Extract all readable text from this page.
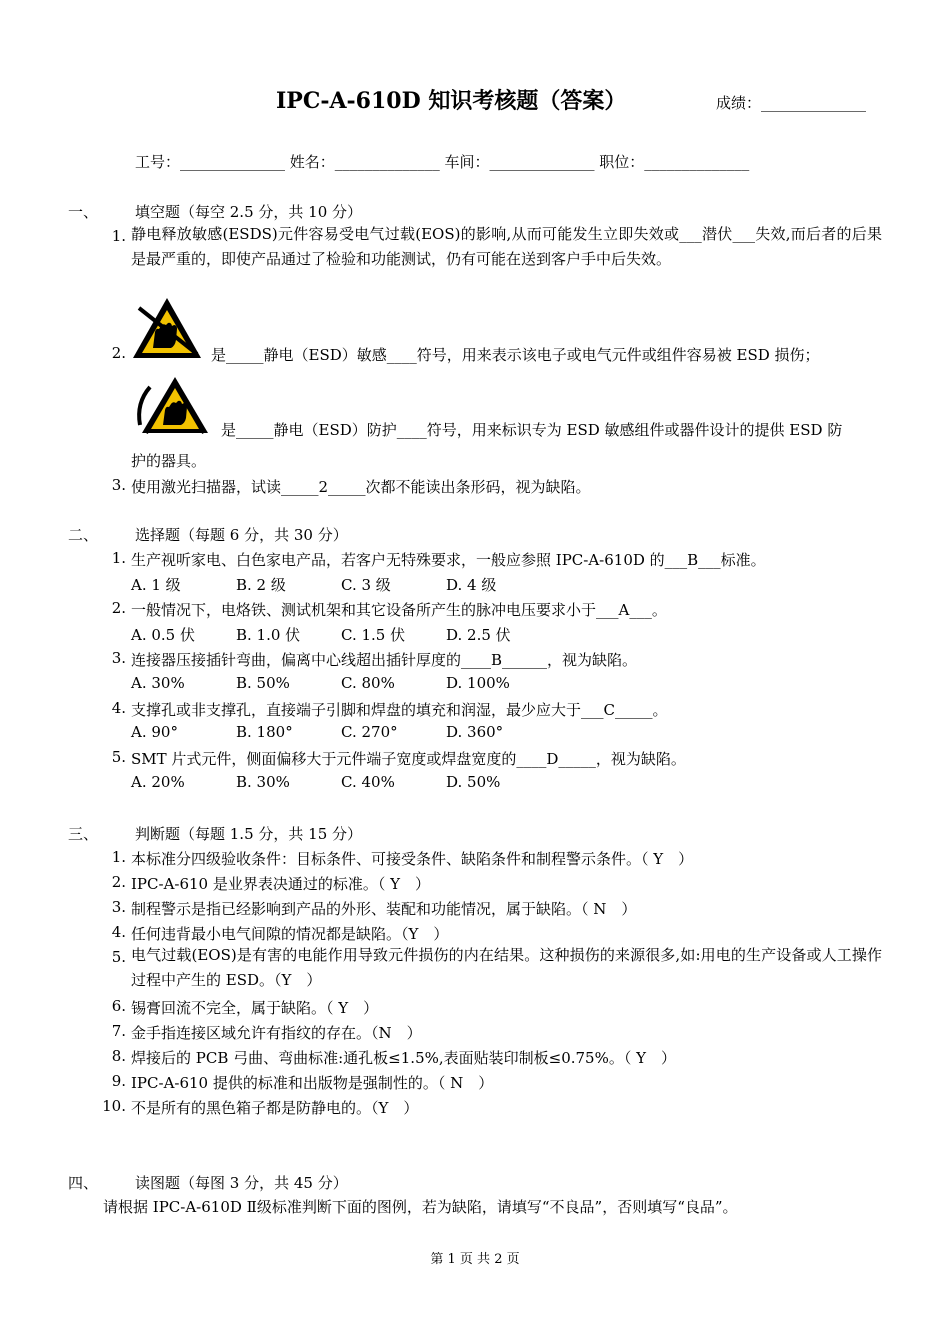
IPC-A-610D 知识考核题（答案）	成绩：______________
工号：______________ 姓名：______________ 车间：______________ 职位：______________
一、 填空题（每空 2.5 分，共 10 分）
1. 静电释放敏感(ESDS)元件容易受电气过载(EOS)的影响,从而可能发生立即失效或___潜伏___失效,而后者的后果是最严重的，即使产品通过了检验和功能测试，仍有可能在送到客户手中后失效。
2.	是_____静电（ESD）敏感____符号，用来表示该电子或电气元件或组件容易被 ESD 损伤；
是_____静电（ESD）防护____符号，用来标识专为 ESD 敏感组件或器件设计的提供 ESD 防
护的器具。
3. 使用激光扫描器，试读_____2_____次都不能读出条形码，视为缺陷。
二、 选择题（每题 6 分，共 30 分）
1. 生产视听家电、白色家电产品，若客户无特殊要求，一般应参照 IPC-A-610D 的___B___标准。
A. 1 级	B. 2 级	C. 3 级	D. 4 级
2. 一般情况下，电烙铁、测试机架和其它设备所产生的脉冲电压要求小于___A___。
A. 0.5 伏	B. 1.0 伏	C. 1.5 伏	D. 2.5 伏
3. 连接器压接插针弯曲，偏离中心线超出插针厚度的____B______，视为缺陷。
A. 30%	B. 50%	C. 80%	D. 100%
4. 支撑孔或非支撑孔，直接端子引脚和焊盘的填充和润湿，最少应大于___C_____。
A. 90°	B. 180°	C. 270°	D. 360°
5. SMT 片式元件，侧面偏移大于元件端子宽度或焊盘宽度的____D_____，视为缺陷。
A. 20%	B. 30%	C. 40%	D. 50%
三、 判断题（每题 1.5 分，共 15 分）
1. 本标准分四级验收条件：目标条件、可接受条件、缺陷条件和制程警示条件。（ Y　）
2. IPC-A-610 是业界表决通过的标准。（ Y　）
3. 制程警示是指已经影响到产品的外形、装配和功能情况，属于缺陷。（ N　）
4. 任何违背最小电气间隙的情况都是缺陷。（Y　）
5. 电气过载(EOS)是有害的电能作用导致元件损伤的内在结果。这种损伤的来源很多,如:用电的生产设备或人工操作过程中产生的 ESD。（Y　）
6. 锡膏回流不完全，属于缺陷。（ Y　）
7. 金手指连接区域允许有指纹的存在。（N　）
8. 焊接后的 PCB 弓曲、弯曲标准:通孔板≤1.5%,表面贴装印制板≤0.75%。（ Y　）
9. IPC-A-610 提供的标准和出版物是强制性的。（ N　）
10. 不是所有的黑色箱子都是防静电的。（Y　）
四、 读图题（每图 3 分，共 45 分）
请根据 IPC-A-610D Ⅱ级标准判断下面的图例，若为缺陷，请填写“不良品”，否则填写“良品”。
第 1 页 共 2 页
